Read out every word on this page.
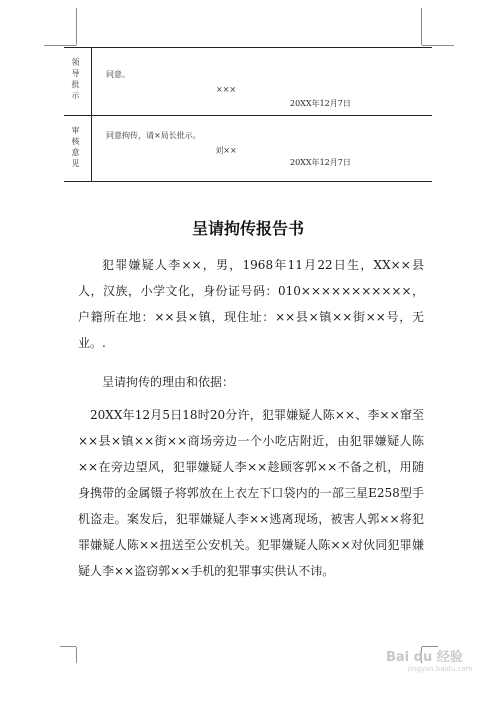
领导批示	同意。
×××
20XX年12月7日
审核意见	同意拘传，请×局长批示。
刘××
20XX年12月7日
呈请拘传报告书
犯罪嫌疑人李××，男，1968年11月22日生，XX××县人，汉族，小学文化，身份证号码：010×××××××××××，户籍所在地：××县×镇，现住址：××县×镇××街××号，无业。.
呈请拘传的理由和依据：
20XX年12月5日18时20分许，犯罪嫌疑人陈××、李××窜至××县×镇××街××商场旁边一个小吃店附近，由犯罪嫌疑人陈××在旁边望风，犯罪嫌疑人李××趁顾客郭××不备之机，用随身携带的金属镊子将郭放在上衣左下口袋内的一部三星E258型手机盗走。案发后，犯罪嫌疑人李××逃离现场，被害人郭××将犯罪嫌疑人陈××扭送至公安机关。犯罪嫌疑人陈××对伙同犯罪嫌疑人李××盗窃郭××手机的犯罪事实供认不讳。
Bai du 经验
jingyan.baidu.com
